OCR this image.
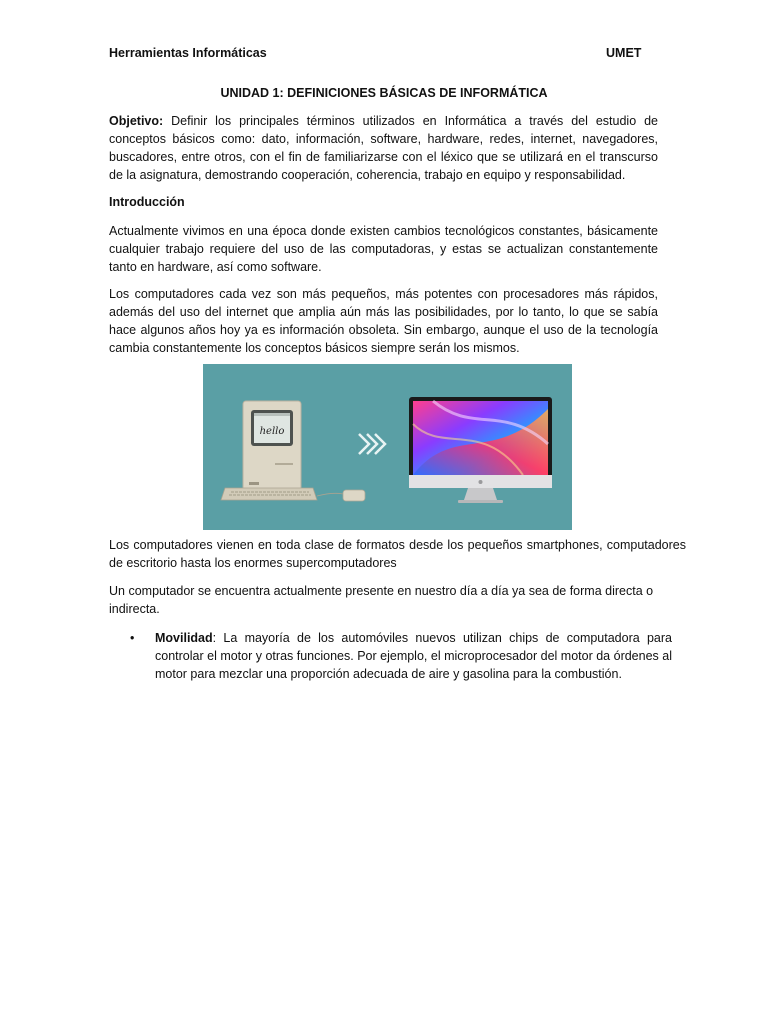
Herramientas Informáticas	UMET
UNIDAD 1: DEFINICIONES BÁSICAS DE INFORMÁTICA

Objetivo: Definir los principales términos utilizados en Informática a través del estudio de conceptos básicos como: dato, información, software, hardware, redes, internet, navegadores, buscadores, entre otros, con el fin de familiarizarse con el léxico que se utilizará en el transcurso de la asignatura, demostrando cooperación, coherencia, trabajo en equipo y responsabilidad.

Introducción

Actualmente vivimos en una época donde existen cambios tecnológicos constantes, básicamente cualquier trabajo requiere del uso de las computadoras, y estas se actualizan constantemente tanto en hardware, así como software.

Los computadores cada vez son más pequeños, más potentes con procesadores más rápidos, además del uso del internet que amplia aún más las posibilidades, por lo tanto, lo que se sabía hace algunos años hoy ya es información obsoleta. Sin embargo, aunque el uso de la tecnología cambia constantemente los conceptos básicos siempre serán los mismos.

hello

Los computadores vienen en toda clase de formatos desde los pequeños smartphones, computadores de escritorio hasta los enormes supercomputadores

Un computador se encuentra actualmente presente en nuestro día a día ya sea de forma directa o indirecta.

• Movilidad: La mayoría de los automóviles nuevos utilizan chips de computadora para controlar el motor y otras funciones. Por ejemplo, el microprocesador del motor da órdenes al motor para mezclar una proporción adecuada de aire y gasolina para la combustión.
